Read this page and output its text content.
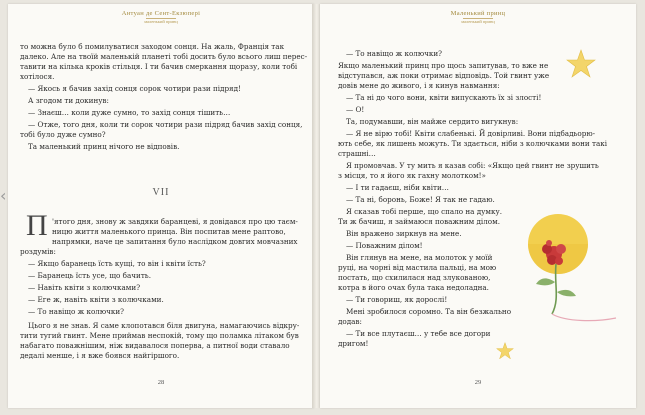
Антуан де Сент-Екзюпері
маленький принц
то можна було б помилуватися заходом сонця. На жаль, Франція так
далеко. Але на твоїй маленькій планеті тобі досить було всього лиш перес-
тавити на кілька кроків стільця. І ти бачив смеркання щоразу, коли тобі
хотілося.
— Якось я бачив захід сонця сорок чотири рази підряд!
А згодом ти докинув:
— Знаєш… коли дуже сумно, то захід сонця тішить…
— Отже, того дня, коли ти сорок чотири рази підряд бачив захід сонця,
тобі було дуже сумно?
Та маленький принц нічого не відповів.
VII
П 'ятого дня, знову ж завдяки баранцеві, я довідався про цю таєм-
ницю життя маленького принца. Він поспитав мене раптово,
напрямки, наче це запитання було наслідком довгих мовчазних
роздумів:
— Якщо баранець їсть кущі, то він і квіти їсть?
— Баранець їсть усе, що бачить.
— Навіть квіти з колючками?
— Еге ж, навіть квіти з колючками.
— То навіщо ж колючки?
Цього я не знав. Я саме клопотався біля двигуна, намагаючись відкру-
тити тугий гвинт. Мене приймав неспокій, тому що поламка літаком був
набагато поважнішим, ніж видавалося поперва, а питної води ставало
дедалі менше, і я вже боявся найгіршого.
28
Маленький принц
маленький принц
— То навіщо ж колючки?
Якщо маленький принц про щось запитував, то вже не
відступався, аж поки отримає відповідь. Той гвинт уже
довів мене до живого, і я кинув навмання:
— Та ні до чого вони, квіти випускають їх зі злості!
— О!
Та, подумавши, він майже сердито вигукнув:
— Я не вірю тобі! Квіти слабенькі. Й довірливі. Вони підбадьорю-
ють себе, як лишень можуть. Ти здається, ніби з колючками вони такі
страшні…
Я промовчав. У ту мить я казав собі: «Якщо цей гвинт не зрушить
з місця, то я його як гахну молотком!»
— І ти гадаєш, ніби квіти…
— Та ні, боронь, Боже! Я так не гадаю.
Я сказав тобі перше, що спало на думку.
Ти ж бачиш, я займаюся поважним ділом.
Він вражено зиркнув на мене.
— Поважним ділом!
Він глянув на мене, на молоток у моїй
руці, на чорні від мастила пальці, на мою
постать, що схилилася над злукованою,
котра в його очах була така недоладна.
— Ти говориш, як дорослі!
Мені зробилося соромно. Та він безжально
додав:
— Ти все плутаєш… у тебе все догори
дригом!
29
‹
